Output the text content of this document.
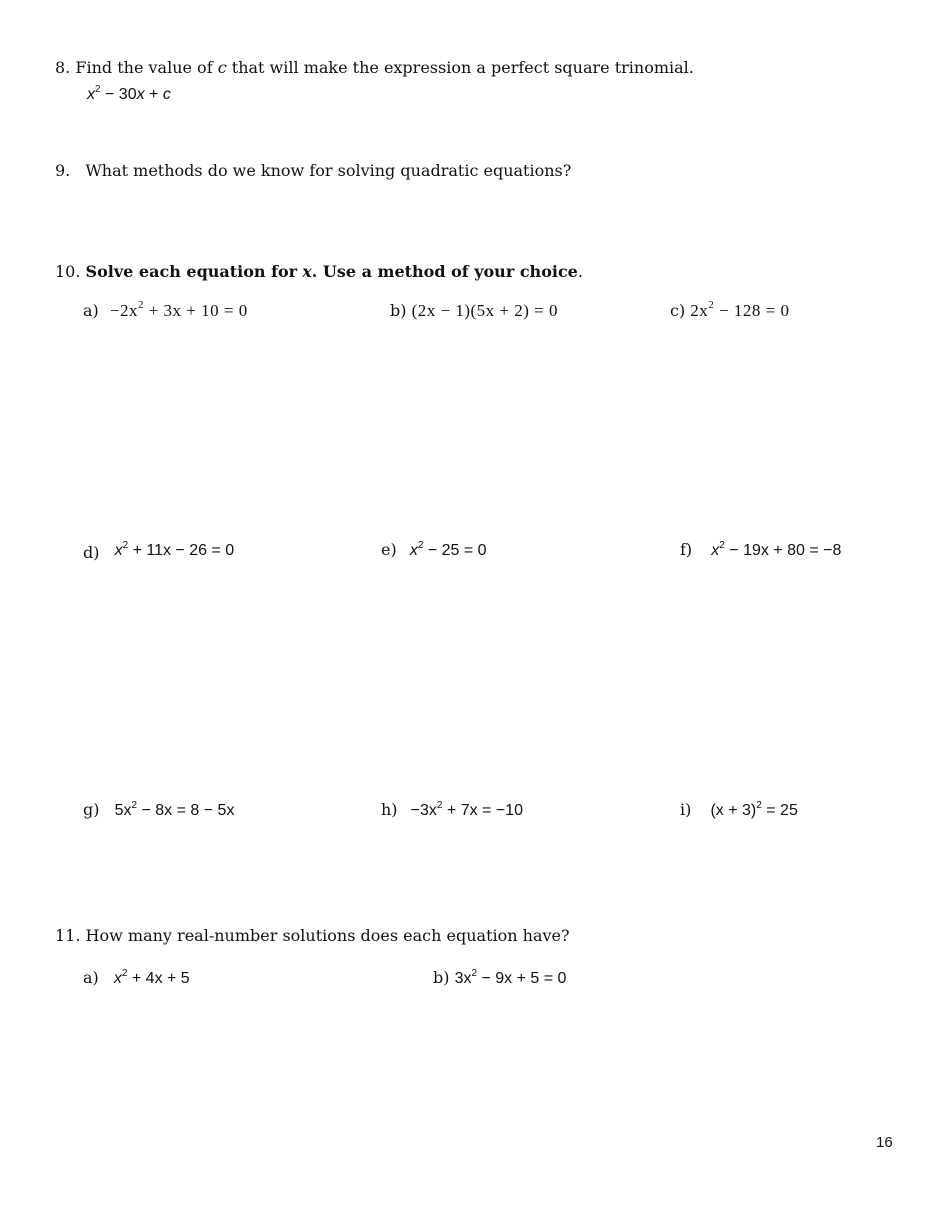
8. Find the value of c that will make the expression a perfect square trinomial.
$x^2 - 30x + c$
9. What methods do we know for solving quadratic equations?
10. Solve each equation for x. Use a method of your choice.
$a) -2x^2 + 3x + 10 = 0$	b) (2x − 1)(5x + 2) = 0	c) $2x^2 - 128 = 0$
d) $x^2 + 11x - 26 = 0$	e) $x^2 - 25 = 0$	f) $x^2 - 19x + 80 = -8$
g) $5x^2 - 8x = 8 - 5x$	$h) -3x^2 + 7x = -10$	i) $(x + 3)^2 = 25$
11. How many real-number solutions does each equation have?
a) $x^2 + 4x + 5$	b) $3x^2 - 9x + 5 = 0$
16
